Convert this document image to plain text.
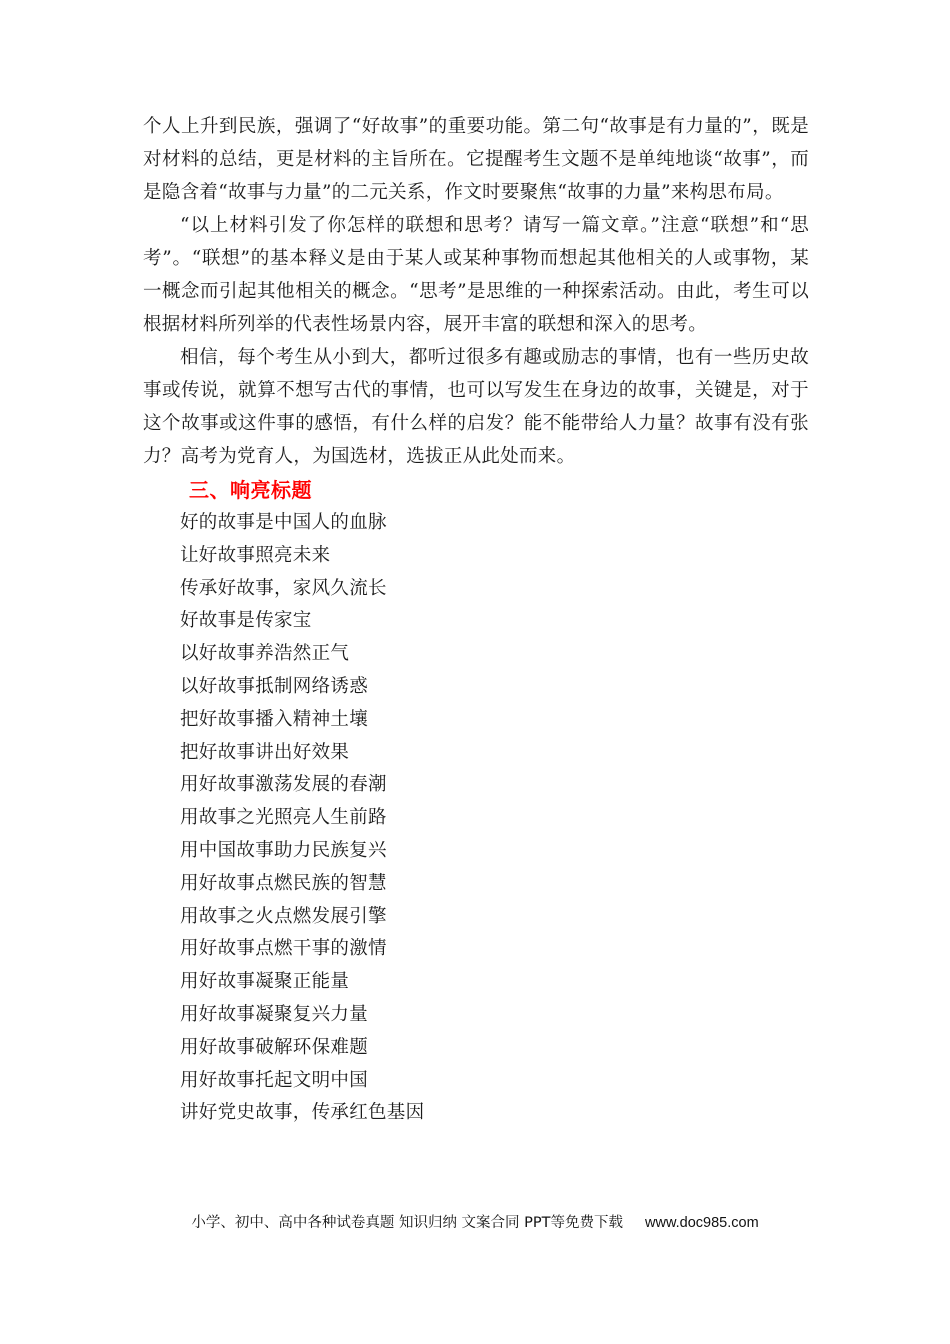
个人上升到民族，强调了“好故事”的重要功能。第二句“故事是有力量的”，既是对材料的总结，更是材料的主旨所在。它提醒考生文题不是单纯地谈“故事”，而是隐含着“故事与力量”的二元关系，作文时要聚焦“故事的力量”来构思布局。

“以上材料引发了你怎样的联想和思考？请写一篇文章。”注意“联想”和“思考”。“联想”的基本释义是由于某人或某种事物而想起其他相关的人或事物，某一概念而引起其他相关的概念。“思考”是思维的一种探索活动。由此，考生可以根据材料所列举的代表性场景内容，展开丰富的联想和深入的思考。

相信，每个考生从小到大，都听过很多有趣或励志的事情，也有一些历史故事或传说，就算不想写古代的事情，也可以写发生在身边的故事，关键是，对于这个故事或这件事的感悟，有什么样的启发？能不能带给人力量？故事有没有张力？高考为党育人，为国选材，选拔正从此处而来。

三、响亮标题
好的故事是中国人的血脉
让好故事照亮未来
传承好故事，家风久流长
好故事是传家宝
以好故事养浩然正气
以好故事抵制网络诱惑
把好故事播入精神土壤
把好故事讲出好效果
用好故事激荡发展的春潮
用故事之光照亮人生前路
用中国故事助力民族复兴
用好故事点燃民族的智慧
用故事之火点燃发展引擎
用好故事点燃干事的激情
用好故事凝聚正能量
用好故事凝聚复兴力量
用好故事破解环保难题
用好故事托起文明中国
讲好党史故事，传承红色基因
小学、初中、高中各种试卷真题 知识归纳 文案合同 PPT等免费下载 www.doc985.com
